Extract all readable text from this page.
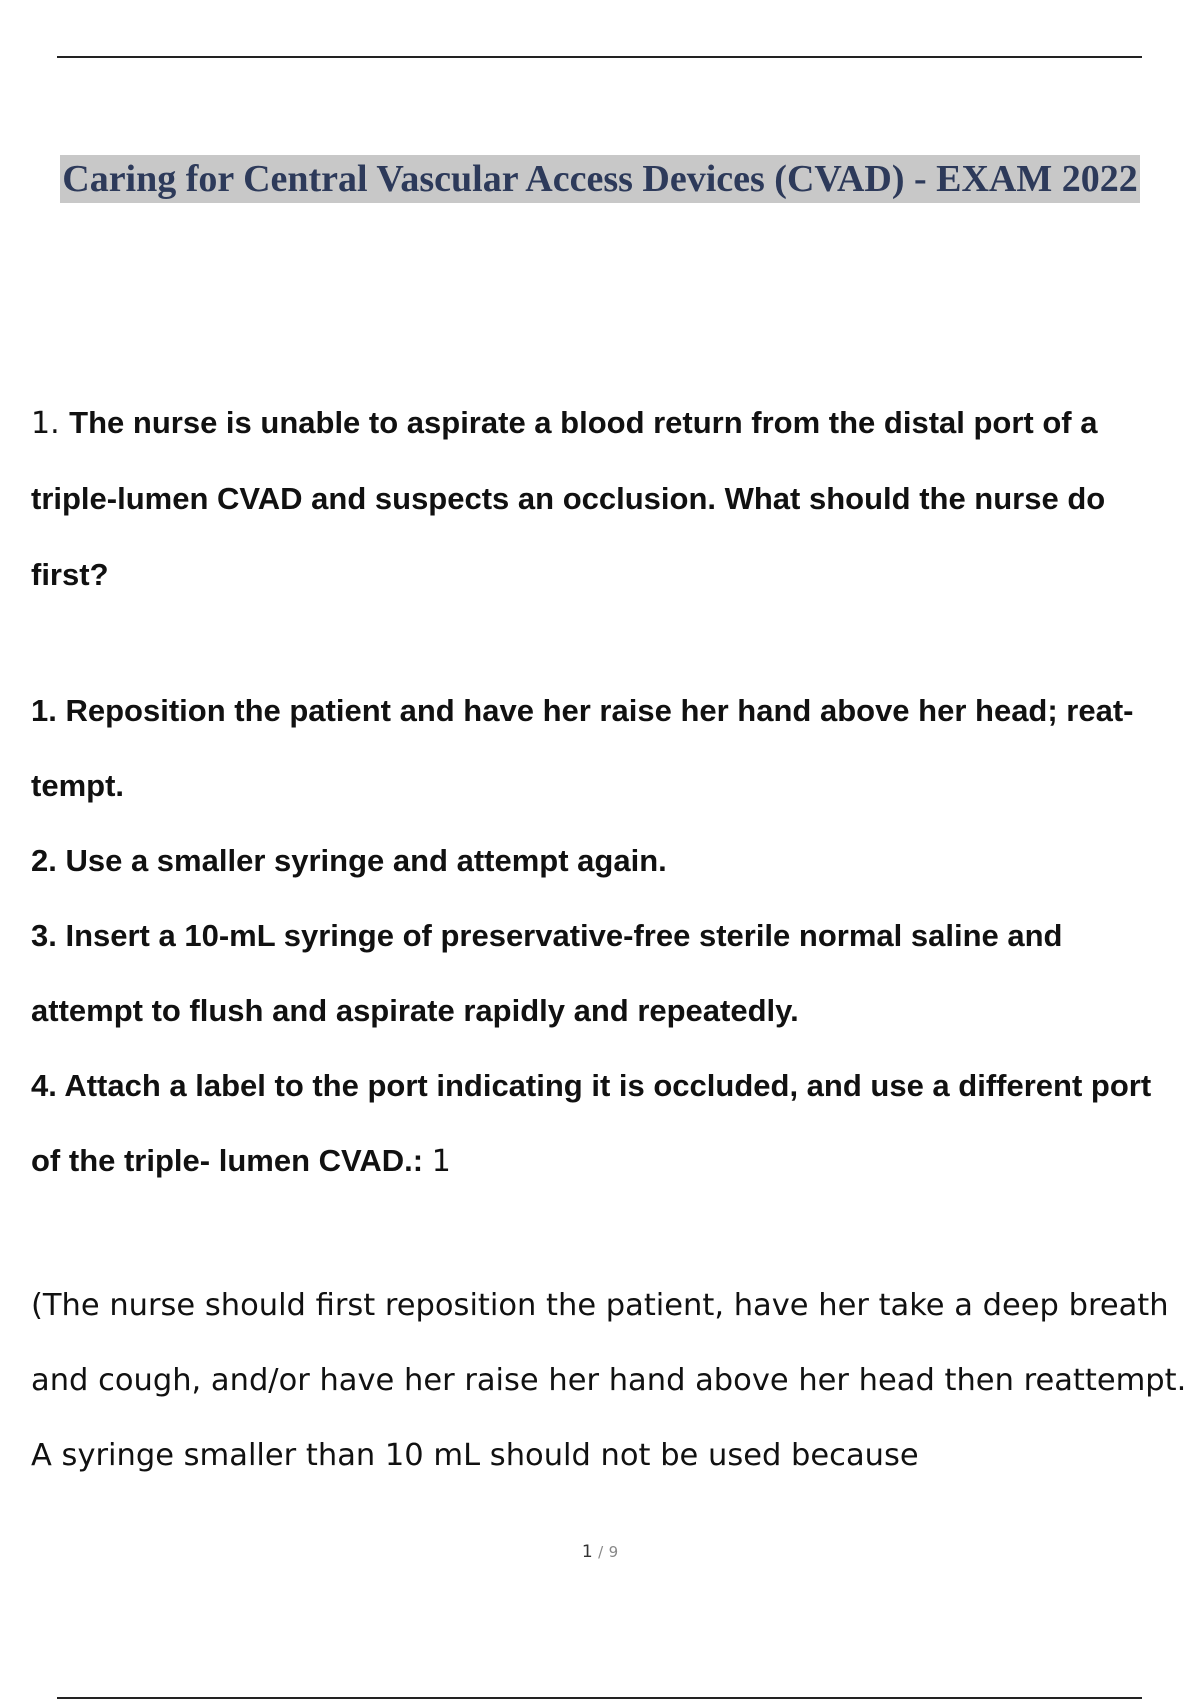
Caring for Central Vascular Access Devices (CVAD) - EXAM 2022
1. The nurse is unable to aspirate a blood return from the distal port of a triple-lumen CVAD and suspects an occlusion. What should the nurse do first?

1. Reposition the patient and have her raise her hand above her head; reat- tempt.

2. Use a smaller syringe and attempt again.

3. Insert a 10-mL syringe of preservative-free sterile normal saline and attempt to flush and aspirate rapidly and repeatedly.

4. Attach a label to the port indicating it is occluded, and use a different port of the triple- lumen CVAD.: 1

(The nurse should first reposition the patient, have her take a deep breath and cough, and/or have her raise her hand above her head then reattempt. A syringe smaller than 10 mL should not be used because
1 / 9
